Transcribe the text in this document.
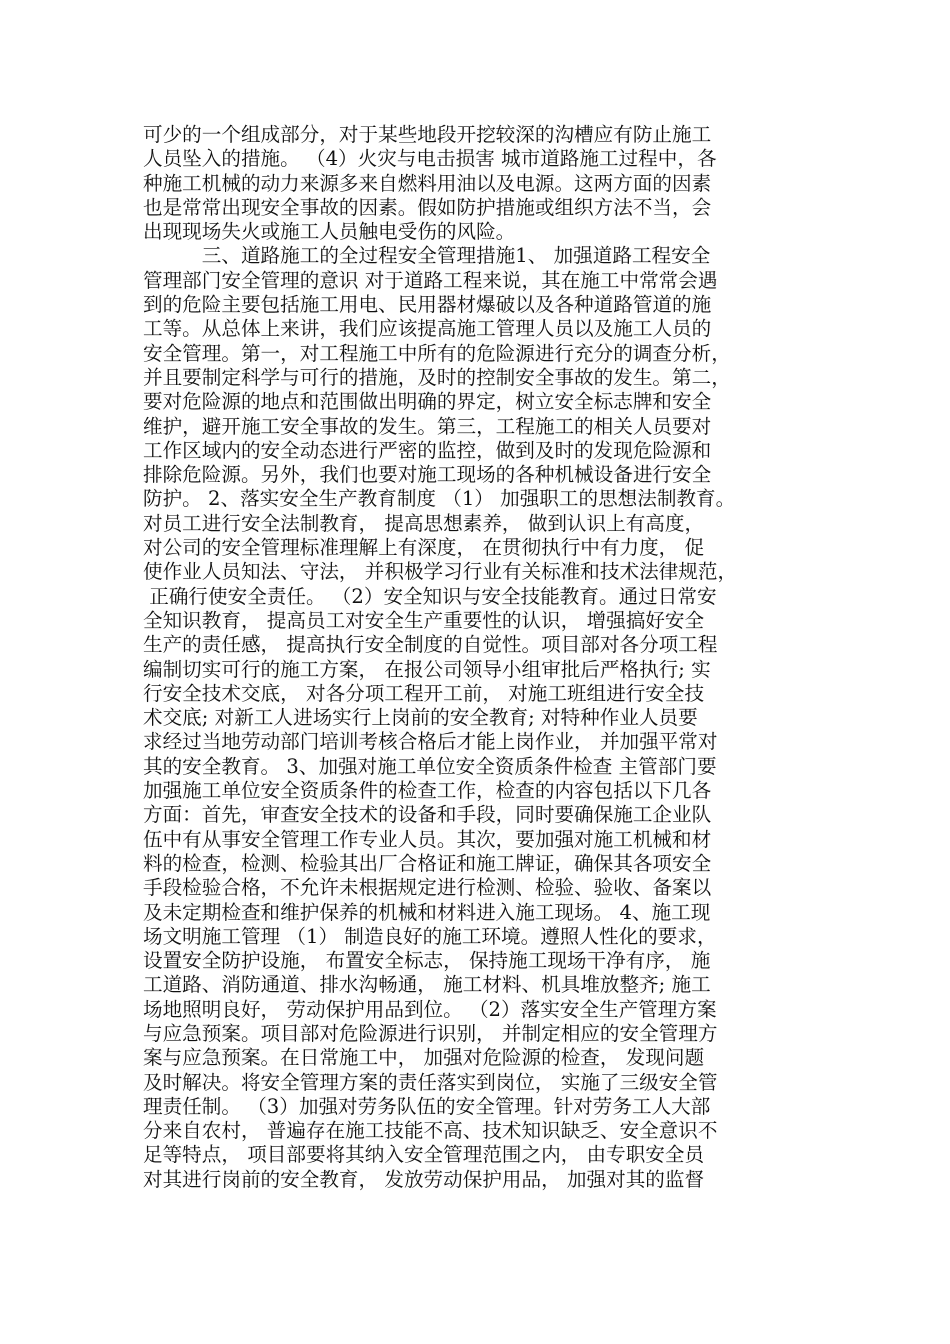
可少的一个组成部分，对于某些地段开挖较深的沟槽应有防止施工
人员坠入的措施。 （4）火灾与电击损害 城市道路施工过程中，各
种施工机械的动力来源多来自燃料用油以及电源。这两方面的因素
也是常常出现安全事故的因素。假如防护措施或组织方法不当，会
出现现场失火或施工人员触电受伤的风险。
　　　三、道路施工的全过程安全管理措施1、 加强道路工程安全
管理部门安全管理的意识 对于道路工程来说，其在施工中常常会遇
到的危险主要包括施工用电、民用器材爆破以及各种道路管道的施
工等。从总体上来讲，我们应该提高施工管理人员以及施工人员的
安全管理。第一，对工程施工中所有的危险源进行充分的调查分析，
并且要制定科学与可行的措施，及时的控制安全事故的发生。第二，
要对危险源的地点和范围做出明确的界定，树立安全标志牌和安全
维护，避开施工安全事故的发生。第三，工程施工的相关人员要对
工作区域内的安全动态进行严密的监控，做到及时的发现危险源和
排除危险源。另外，我们也要对施工现场的各种机械设备进行安全
防护。 2、落实安全生产教育制度 （1） 加强职工的思想法制教育。
对员工进行安全法制教育， 提高思想素养， 做到认识上有高度，
对公司的安全管理标准理解上有深度， 在贯彻执行中有力度， 促
使作业人员知法、守法， 并积极学习行业有关标准和技术法律规范，
正确行使安全责任。 （2）安全知识与安全技能教育。通过日常安
全知识教育， 提高员工对安全生产重要性的认识， 增强搞好安全
生产的责任感， 提高执行安全制度的自觉性。项目部对各分项工程
编制切实可行的施工方案， 在报公司领导小组审批后严格执行; 实
行安全技术交底， 对各分项工程开工前， 对施工班组进行安全技
术交底; 对新工人进场实行上岗前的安全教育; 对特种作业人员要
求经过当地劳动部门培训考核合格后才能上岗作业， 并加强平常对
其的安全教育。 3、加强对施工单位安全资质条件检查 主管部门要
加强施工单位安全资质条件的检查工作，检查的内容包括以下几各
方面：首先，审查安全技术的设备和手段，同时要确保施工企业队
伍中有从事安全管理工作专业人员。其次，要加强对施工机械和材
料的检查，检测、检验其出厂合格证和施工牌证，确保其各项安全
手段检验合格，不允许未根据规定进行检测、检验、验收、备案以
及未定期检查和维护保养的机械和材料进入施工现场。 4、施工现
场文明施工管理 （1） 制造良好的施工环境。遵照人性化的要求，
设置安全防护设施， 布置安全标志， 保持施工现场干净有序， 施
工道路、消防通道、排水沟畅通， 施工材料、机具堆放整齐; 施工
场地照明良好， 劳动保护用品到位。 （2）落实安全生产管理方案
与应急预案。项目部对危险源进行识别， 并制定相应的安全管理方
案与应急预案。在日常施工中， 加强对危险源的检查， 发现问题
及时解决。将安全管理方案的责任落实到岗位， 实施了三级安全管
理责任制。 （3）加强对劳务队伍的安全管理。针对劳务工人大部
分来自农村， 普遍存在施工技能不高、技术知识缺乏、安全意识不
足等特点， 项目部要将其纳入安全管理范围之内， 由专职安全员
对其进行岗前的安全教育， 发放劳动保护用品， 加强对其的监督
